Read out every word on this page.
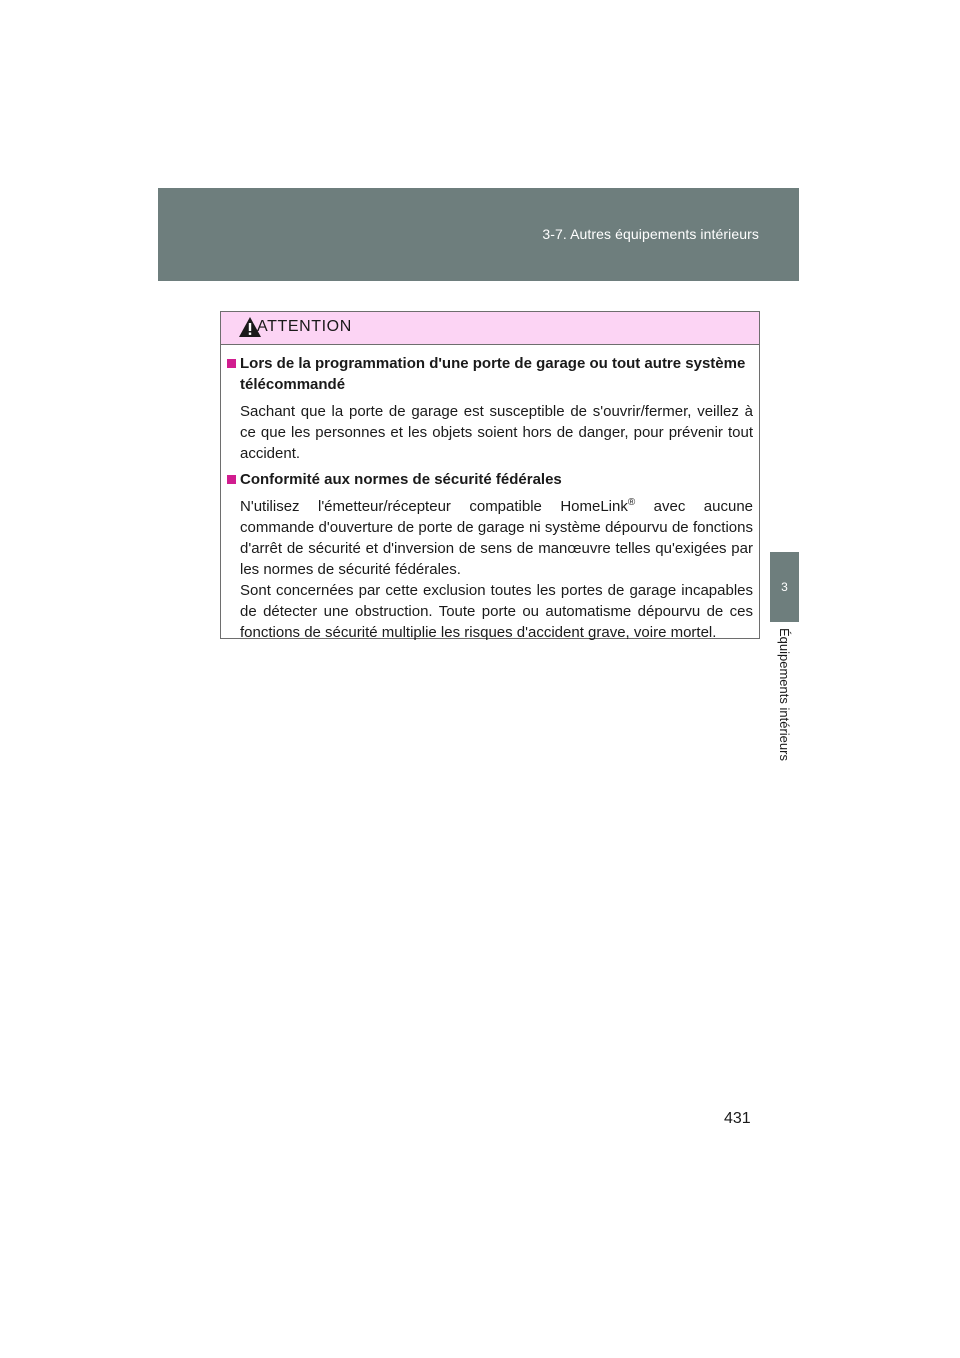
3-7. Autres équipements intérieurs
3
Équipements intérieurs
ATTENTION
Lors de la programmation d'une porte de garage ou tout autre système télécommandé
Sachant que la porte de garage est susceptible de s'ouvrir/fermer, veillez à ce que les personnes et les objets soient hors de danger, pour prévenir tout accident.
Conformité aux normes de sécurité fédérales
N'utilisez l'émetteur/récepteur compatible HomeLink® avec aucune commande d'ouverture de porte de garage ni système dépourvu de fonctions d'arrêt de sécurité et d'inversion de sens de manœuvre telles qu'exigées par les normes de sécurité fédérales.
Sont concernées par cette exclusion toutes les portes de garage incapables de détecter une obstruction. Toute porte ou automatisme dépourvu de ces fonctions de sécurité multiplie les risques d'accident grave, voire mortel.
431
